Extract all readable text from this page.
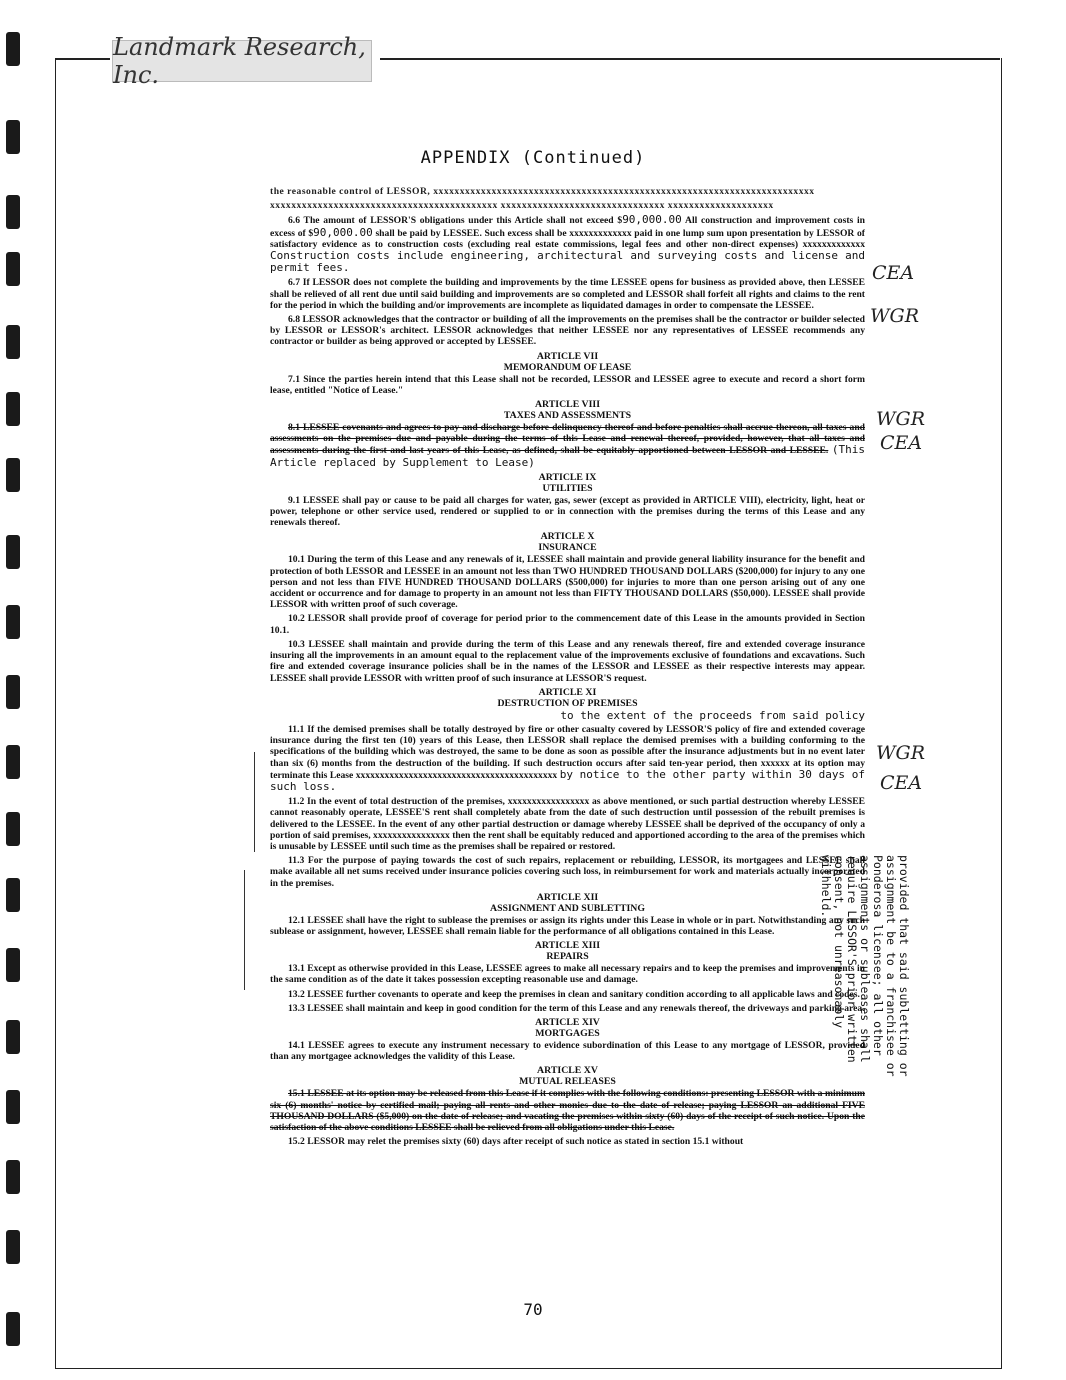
Landmark Research, Inc.
APPENDIX (Continued)

the reasonable control of LESSOR, xxxxxxxxxxxxxxxxxxxxxxxxxxxxxxxxxxxxxxxxxxxxxxxxxxxxxxxxxxxxxxxxxxxxxxxx

xxxxxxxxxxxxxxxxxxxxxxxxxxxxxxxxxxxxxxxxxxx xxxxxxxxxxxxxxxxxxxxxxxxxxxxxxx xxxxxxxxxxxxxxxxxxxx

6.6 The amount of LESSOR'S obligations under this Article shall not exceed $90,000.00 All construction and improvement costs in excess of $90,000.00 shall be paid by LESSEE. Such excess shall be xxxxxxxxxxxxx paid in one lump sum upon presentation by LESSOR of satisfactory evidence as to construction costs (excluding real estate commissions, legal fees and other non-direct expenses) xxxxxxxxxxxxx Construction costs include engineering, architectural and surveying costs and license and permit fees.

6.7 If LESSOR does not complete the building and improvements by the time LESSEE opens for business as provided above, then LESSEE shall be relieved of all rent due until said building and improvements are so completed and LESSOR shall forfeit all rights and claims to the rent for the period in which the building and/or improvements are incomplete as liquidated damages in order to compensate the LESSEE.

6.8 LESSOR acknowledges that the contractor or building of all the improvements on the premises shall be the contractor or builder selected by LESSOR or LESSOR's architect. LESSOR acknowledges that neither LESSEE nor any representatives of LESSEE recommends any contractor or builder as being approved or accepted by LESSEE.

ARTICLE VII
MEMORANDUM OF LEASE

7.1 Since the parties herein intend that this Lease shall not be recorded, LESSOR and LESSEE agree to execute and record a short form lease, entitled "Notice of Lease."

ARTICLE VIII
TAXES AND ASSESSMENTS

8.1 LESSEE covenants and agrees to pay and discharge before delinquency thereof and before penalties shall accrue thereon, all taxes and assessments on the premises due and payable during the terms of this Lease and renewal thereof, provided, however, that all taxes and assessments during the first and last years of this Lease, as defined, shall be equitably apportioned between LESSOR and LESSEE. (This Article replaced by Supplement to Lease)

ARTICLE IX
UTILITIES

9.1 LESSEE shall pay or cause to be paid all charges for water, gas, sewer (except as provided in ARTICLE VIII), electricity, light, heat or power, telephone or other service used, rendered or supplied to or in connection with the premises during the terms of this Lease and any renewals thereof.

ARTICLE X
INSURANCE

10.1 During the term of this Lease and any renewals of it, LESSEE shall maintain and provide general liability insurance for the benefit and protection of both LESSOR and LESSEE in an amount not less than TWO HUNDRED THOUSAND DOLLARS ($200,000) for injury to any one person and not less than FIVE HUNDRED THOUSAND DOLLARS ($500,000) for injuries to more than one person arising out of any one accident or occurrence and for damage to property in an amount not less than FIFTY THOUSAND DOLLARS ($50,000). LESSEE shall provide LESSOR with written proof of such coverage.

10.2 LESSOR shall provide proof of coverage for period prior to the commencement date of this Lease in the amounts provided in Section 10.1.

10.3 LESSEE shall maintain and provide during the term of this Lease and any renewals thereof, fire and extended coverage insurance insuring all the improvements in an amount equal to the replacement value of the improvements exclusive of foundations and excavations. Such fire and extended coverage insurance policies shall be in the names of the LESSOR and LESSEE as their respective interests may appear. LESSEE shall provide LESSOR with written proof of such insurance at LESSOR'S request.

ARTICLE XI
DESTRUCTION OF PREMISES

to the extent of the proceeds from said policy

11.1 If the demised premises shall be totally destroyed by fire or other casualty covered by LESSOR'S policy of fire and extended coverage insurance during the first ten (10) years of this Lease, then LESSOR shall replace the demised premises with a building conforming to the specifications of the building which was destroyed, the same to be done as soon as possible after the insurance adjustments but in no event later than six (6) months from the destruction of the building. If such destruction occurs after said ten-year period, then xxxxxx at its option may terminate this Lease xxxxxxxxxxxxxxxxxxxxxxxxxxxxxxxxxxxxxxxxxx by notice to the other party within 30 days of such loss.

11.2 In the event of total destruction of the premises, xxxxxxxxxxxxxxxxx as above mentioned, or such partial destruction whereby LESSEE cannot reasonably operate, LESSEE'S rent shall completely abate from the date of such destruction until possession of the rebuilt premises is delivered to the LESSEE. In the event of any other partial destruction or damage whereby LESSEE shall be deprived of the occupancy of only a portion of said premises, xxxxxxxxxxxxxxxx then the rent shall be equitably reduced and apportioned according to the area of the premises which is unusable by LESSEE until such time as the premises shall be repaired or restored.

11.3 For the purpose of paying towards the cost of such repairs, replacement or rebuilding, LESSOR, its mortgagees and LESSEE shall make available all net sums received under insurance policies covering such loss, in reimbursement for work and materials actually incorporated in the premises.

ARTICLE XII
ASSIGNMENT AND SUBLETTING

12.1 LESSEE shall have the right to sublease the premises or assign its rights under this Lease in whole or in part. Notwithstanding any such sublease or assignment, however, LESSEE shall remain liable for the performance of all obligations contained in this Lease.

ARTICLE XIII
REPAIRS

13.1 Except as otherwise provided in this Lease, LESSEE agrees to make all necessary repairs and to keep the premises and improvements in the same condition as of the date it takes possession excepting reasonable use and damage.

13.2 LESSEE further covenants to operate and keep the premises in clean and sanitary condition according to all applicable laws and codes.

13.3 LESSEE shall maintain and keep in good condition for the term of this Lease and any renewals thereof, the driveways and parking area.

ARTICLE XIV
MORTGAGES

14.1 LESSEE agrees to execute any instrument necessary to evidence subordination of this Lease to any mortgage of LESSOR, provided than any mortgagee acknowledges the validity of this Lease.

ARTICLE XV
MUTUAL RELEASES

15.1 LESSEE at its option may be released from this Lease if it complies with the following conditions: presenting LESSOR with a minimum six (6) months' notice by certified mail; paying all rents and other monies due to the date of release; paying LESSOR an additional FIVE THOUSAND DOLLARS ($5,000) on the date of release; and vacating the premises within sixty (60) days of the receipt of such notice. Upon the satisfaction of the above conditions LESSEE shall be relieved from all obligations under this Lease.

15.2 LESSOR may relet the premises sixty (60) days after receipt of such notice as stated in section 15.1 without

provided that said subletting or assignment be to a franchisee or Ponderosa licensee; all other assignments or subleases shall require LESSOR'S prior written consent, not unreasonably withheld.
CEA
WGR
WGR
CEA
WGR
CEA
70
